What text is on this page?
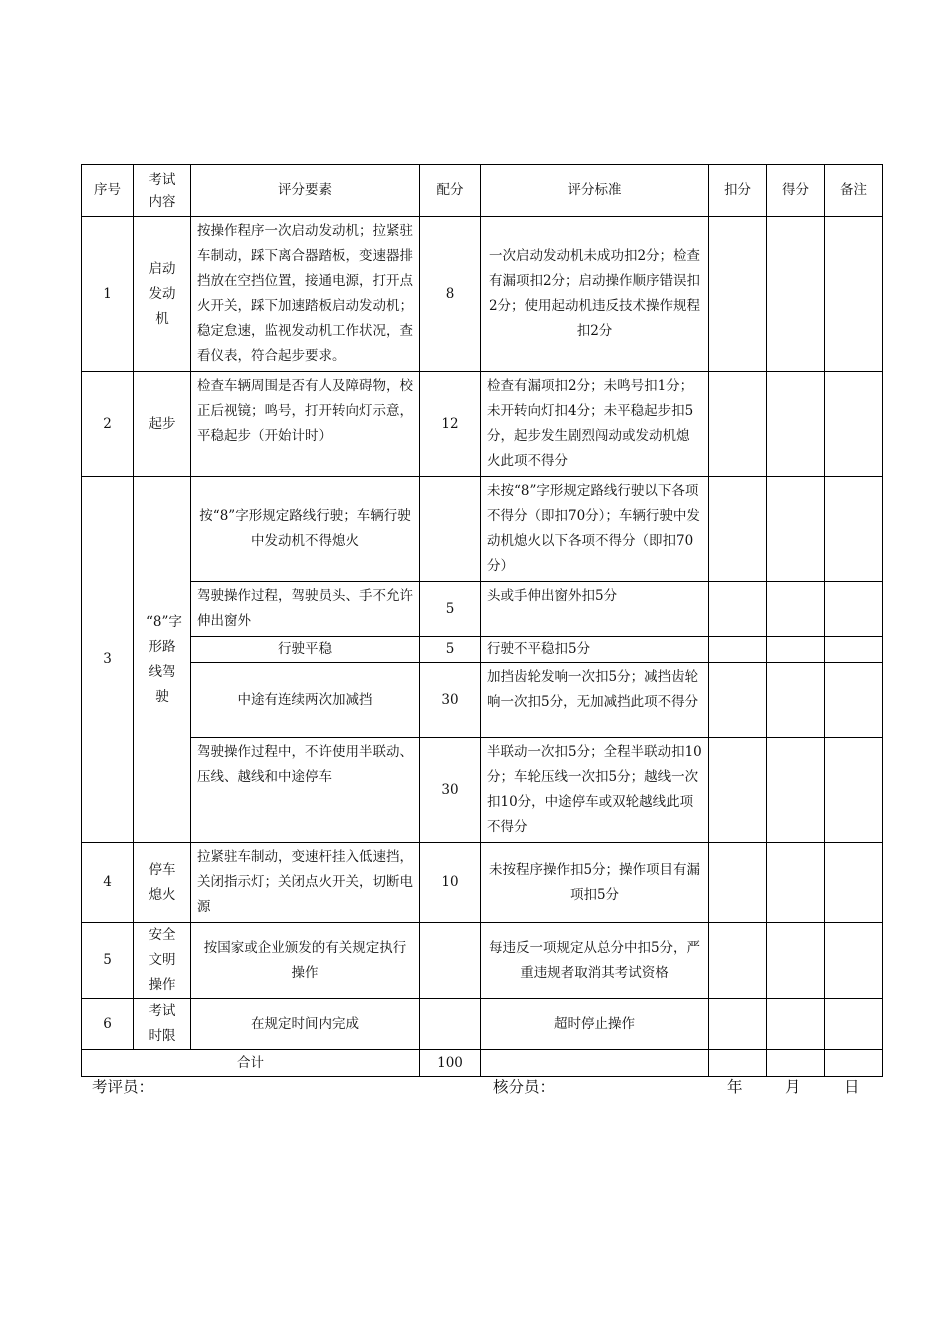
序号	考试内容	评分要素	配分	评分标准	扣分	得分	备注
1	启动发动机	按操作程序一次启动发动机；拉紧驻车制动，踩下离合器踏板，变速器排挡放在空挡位置，接通电源，打开点火开关，踩下加速踏板启动发动机；稳定怠速，监视发动机工作状况，查看仪表，符合起步要求。	8	一次启动发动机未成功扣2分；检查有漏项扣2分；启动操作顺序错误扣2分；使用起动机违反技术操作规程扣2分			
2	起步	检查车辆周围是否有人及障碍物，校正后视镜；鸣号，打开转向灯示意，平稳起步（开始计时）	12	检查有漏项扣2分；未鸣号扣1分；未开转向灯扣4分；未平稳起步扣5分，起步发生剧烈闯动或发动机熄火此项不得分			
3	“8”字形路线驾驶	按“8”字形规定路线行驶；车辆行驶中发动机不得熄火		未按“8”字形规定路线行驶以下各项不得分（即扣70分）；车辆行驶中发动机熄火以下各项不得分（即扣70分）			
		驾驶操作过程，驾驶员头、手不允许伸出窗外	5	头或手伸出窗外扣5分			
		行驶平稳	5	行驶不平稳扣5分			
		中途有连续两次加减挡	30	加挡齿轮发响一次扣5分；减挡齿轮响一次扣5分，无加减挡此项不得分			
		驾驶操作过程中，不许使用半联动、压线、越线和中途停车	30	半联动一次扣5分；全程半联动扣10分；车轮压线一次扣5分；越线一次扣10分，中途停车或双轮越线此项不得分			
4	停车熄火	拉紧驻车制动，变速杆挂入低速挡，关闭指示灯；关闭点火开关，切断电源	10	未按程序操作扣5分；操作项目有漏项扣5分			
5	安全文明操作	按国家或企业颁发的有关规定执行操作		每违反一项规定从总分中扣5分，严重违规者取消其考试资格			
6	考试时限	在规定时间内完成		超时停止操作			
合计			100				
考评员：	核分员：	年	月	日
